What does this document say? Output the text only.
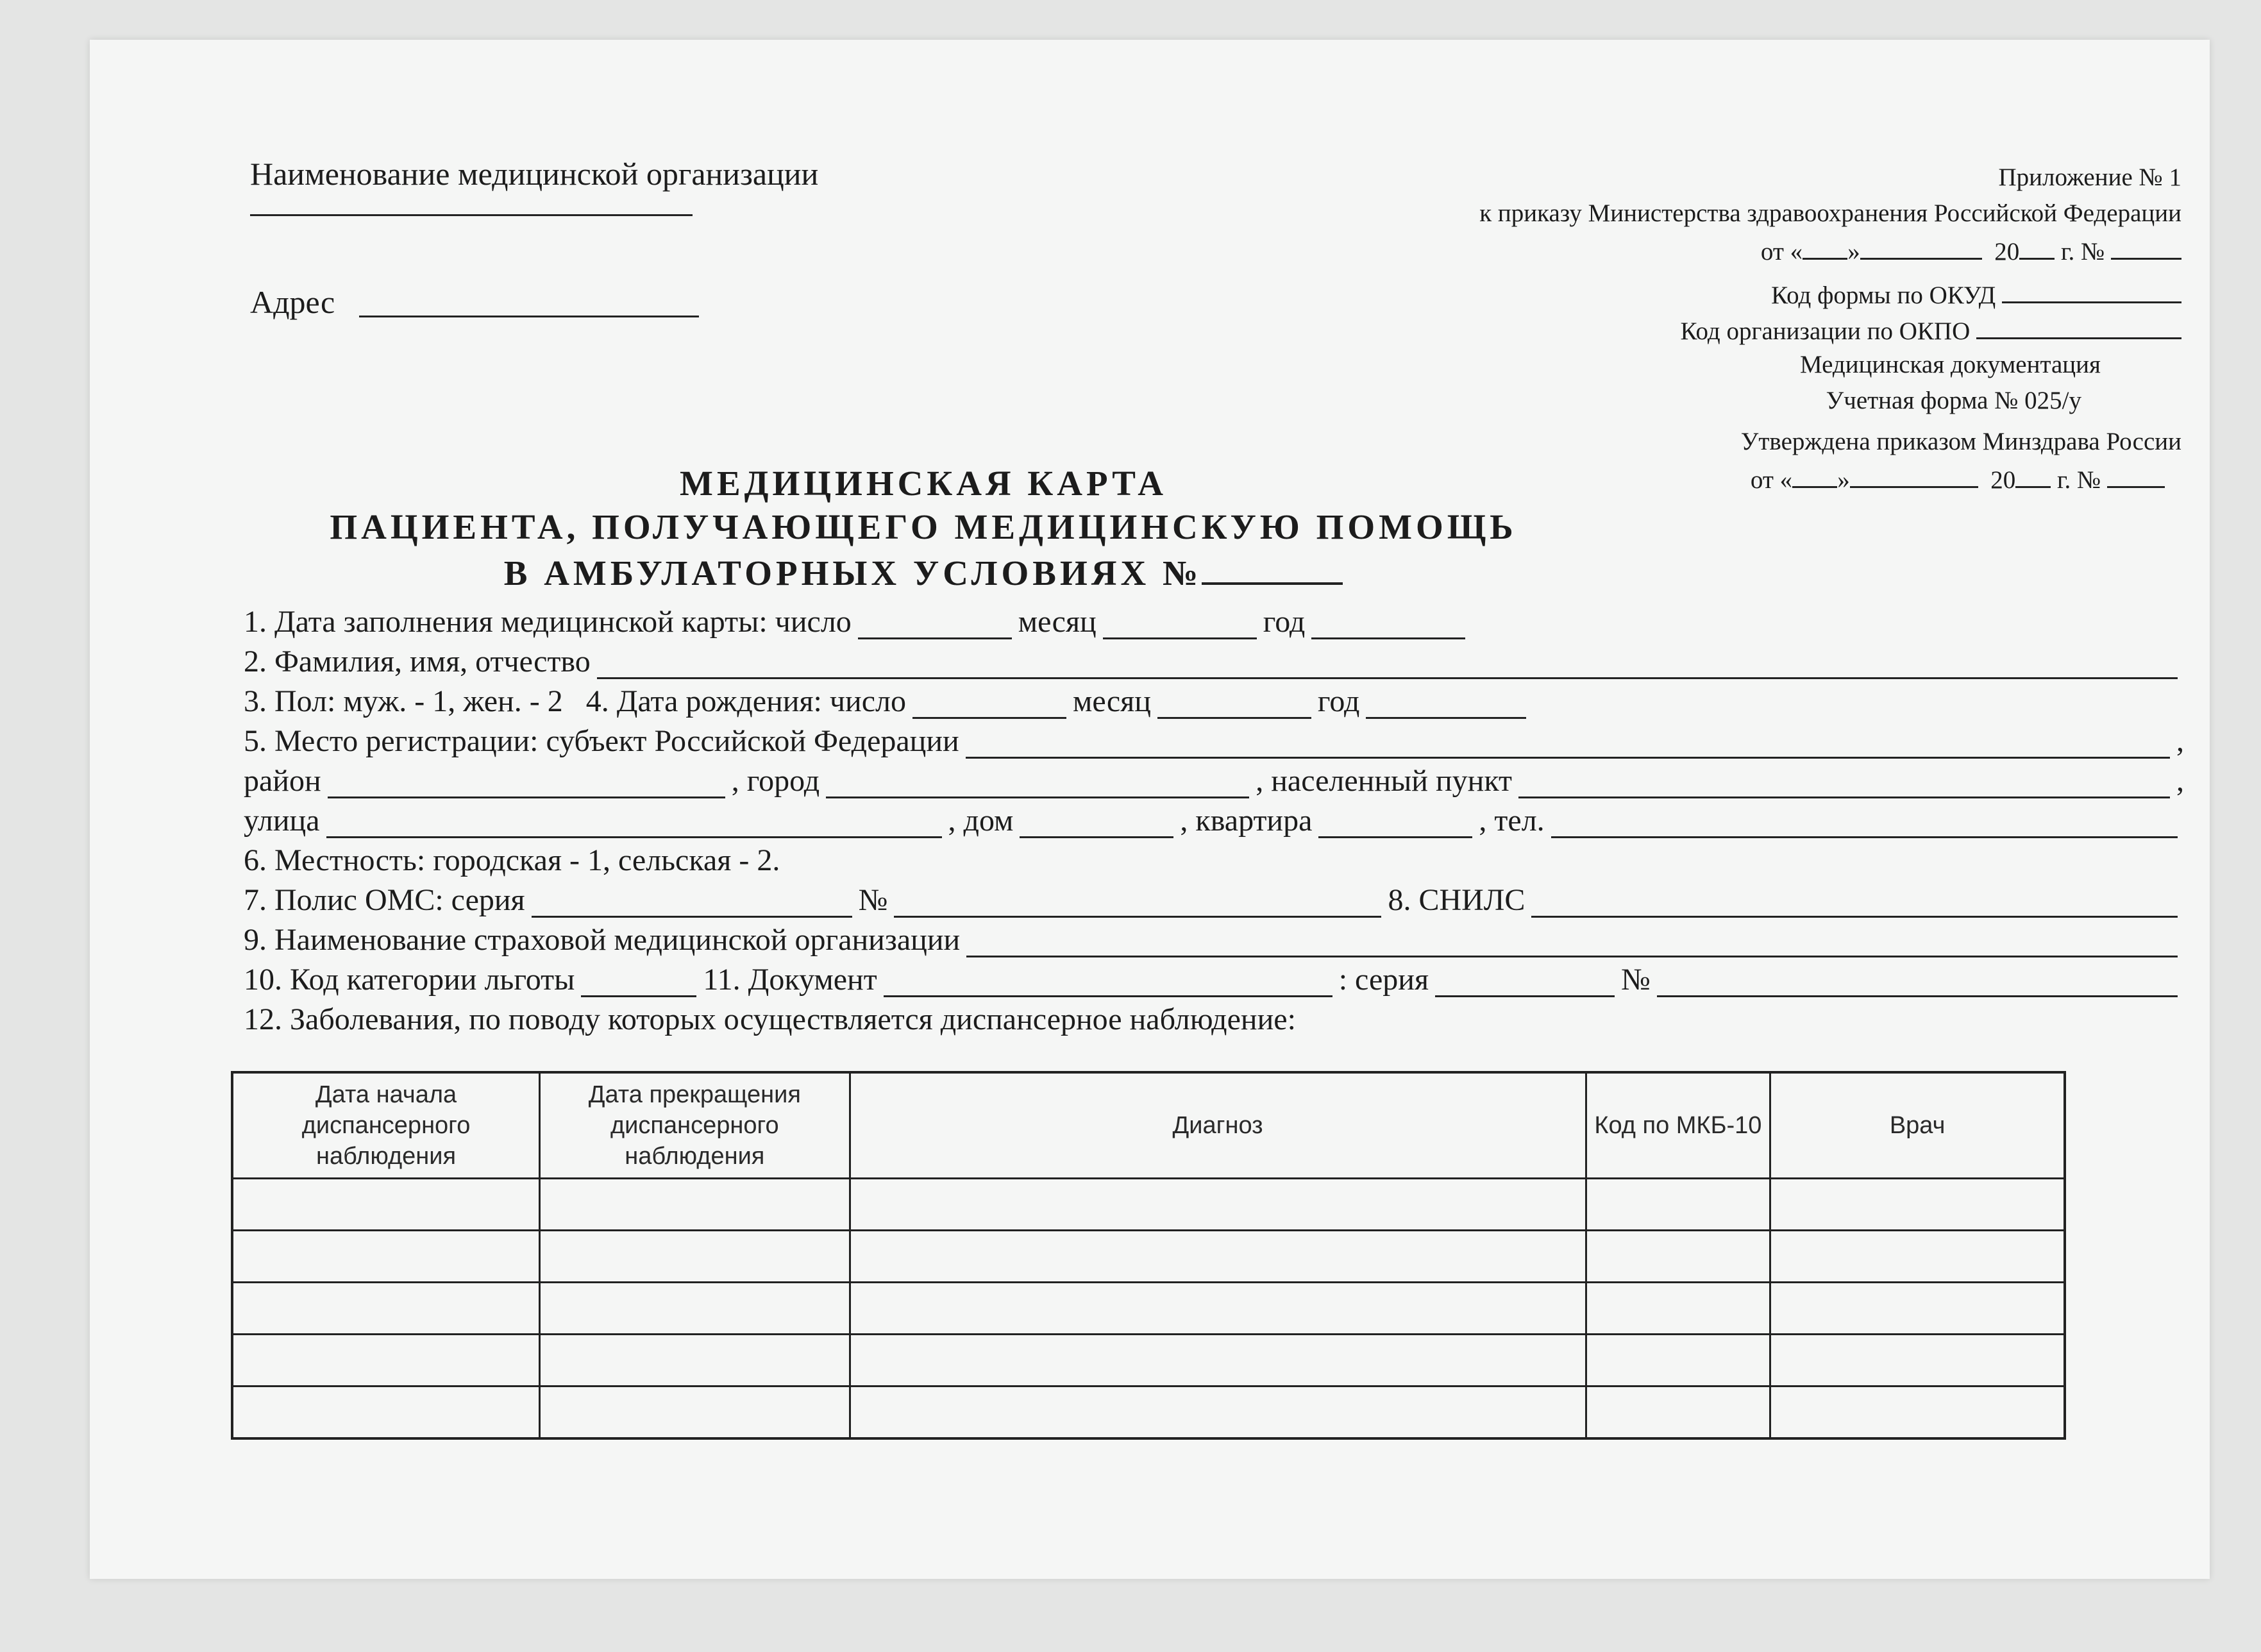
Наименование медицинской организации
Адрес
Приложение № 1
к приказу Министерства здравоохранения Российской Федерации
от « »	20 г. №
Код формы по ОКУД
Код организации по ОКПО
Медицинская документация
Учетная форма № 025/у
Утверждена приказом Минздрава России
от « »	20 г. №
МЕДИЦИНСКАЯ КАРТА
ПАЦИЕНТА, ПОЛУЧАЮЩЕГО МЕДИЦИНСКУЮ ПОМОЩЬ
В АМБУЛАТОРНЫХ УСЛОВИЯХ №
1. Дата заполнения медицинской карты: число	месяц	год
2. Фамилия, имя, отчество
3. Пол: муж. - 1, жен. - 2
4. Дата рождения: число	месяц	год
5. Место регистрации: субъект Российской Федерации	,
район	, город	, населенный пункт	,
улица	, дом	, квартира	, тел.
6. Местность: городская - 1, сельская - 2.
7. Полис ОМС: серия	№	8. СНИЛС
9. Наименование страховой медицинской организации
10. Код категории льготы	11. Документ	: серия	№
12. Заболевания, по поводу которых осуществляется диспансерное наблюдение:
Дата начала диспансерного наблюдения	Дата прекращения диспансерного наблюдения	Диагноз	Код по МКБ-10	Врач
